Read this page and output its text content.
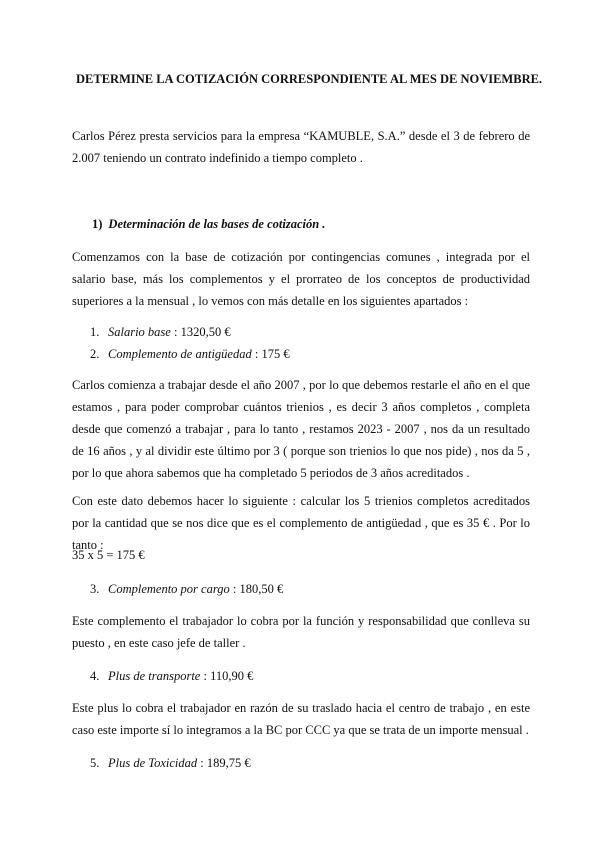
DETERMINE LA COTIZACIÓN CORRESPONDIENTE AL MES DE NOVIEMBRE.

Carlos Pérez presta servicios para la empresa “KAMUBLE, S.A.” desde el 3 de febrero de 2.007 teniendo un contrato indefinido a tiempo completo .

1) Determinación de las bases de cotización .

Comenzamos con la base de cotización por contingencias comunes , integrada por el salario base, más los complementos y el prorrateo de los conceptos de productividad superiores a la mensual , lo vemos con más detalle en los siguientes apartados :

1. Salario base : 1320,50 €

2. Complemento de antigüedad : 175 €

Carlos comienza a trabajar desde el año 2007 , por lo que debemos restarle el año en el que estamos , para poder comprobar cuántos trienios , es decir 3 años completos , completa desde que comenzó a trabajar , para lo tanto , restamos 2023 - 2007 , nos da un resultado de 16 años , y al dividir este último por 3 ( porque son trienios lo que nos pide) , nos da 5 , por lo que ahora sabemos que ha completado 5 periodos de 3 años acreditados .

Con este dato debemos hacer lo siguiente : calcular los 5 trienios completos acreditados por la cantidad que se nos dice que es el complemento de antigüedad , que es 35 € . Por lo tanto :

35 x 5 = 175 €

3. Complemento por cargo : 180,50 €

Este complemento el trabajador lo cobra por la función y responsabilidad que conlleva su puesto , en este caso jefe de taller .

4. Plus de transporte : 110,90 €

Este plus lo cobra el trabajador en razón de su traslado hacia el centro de trabajo , en este caso este importe sí lo integramos a la BC por CCC ya que se trata de un importe mensual .

5. Plus de Toxicidad : 189,75 €
